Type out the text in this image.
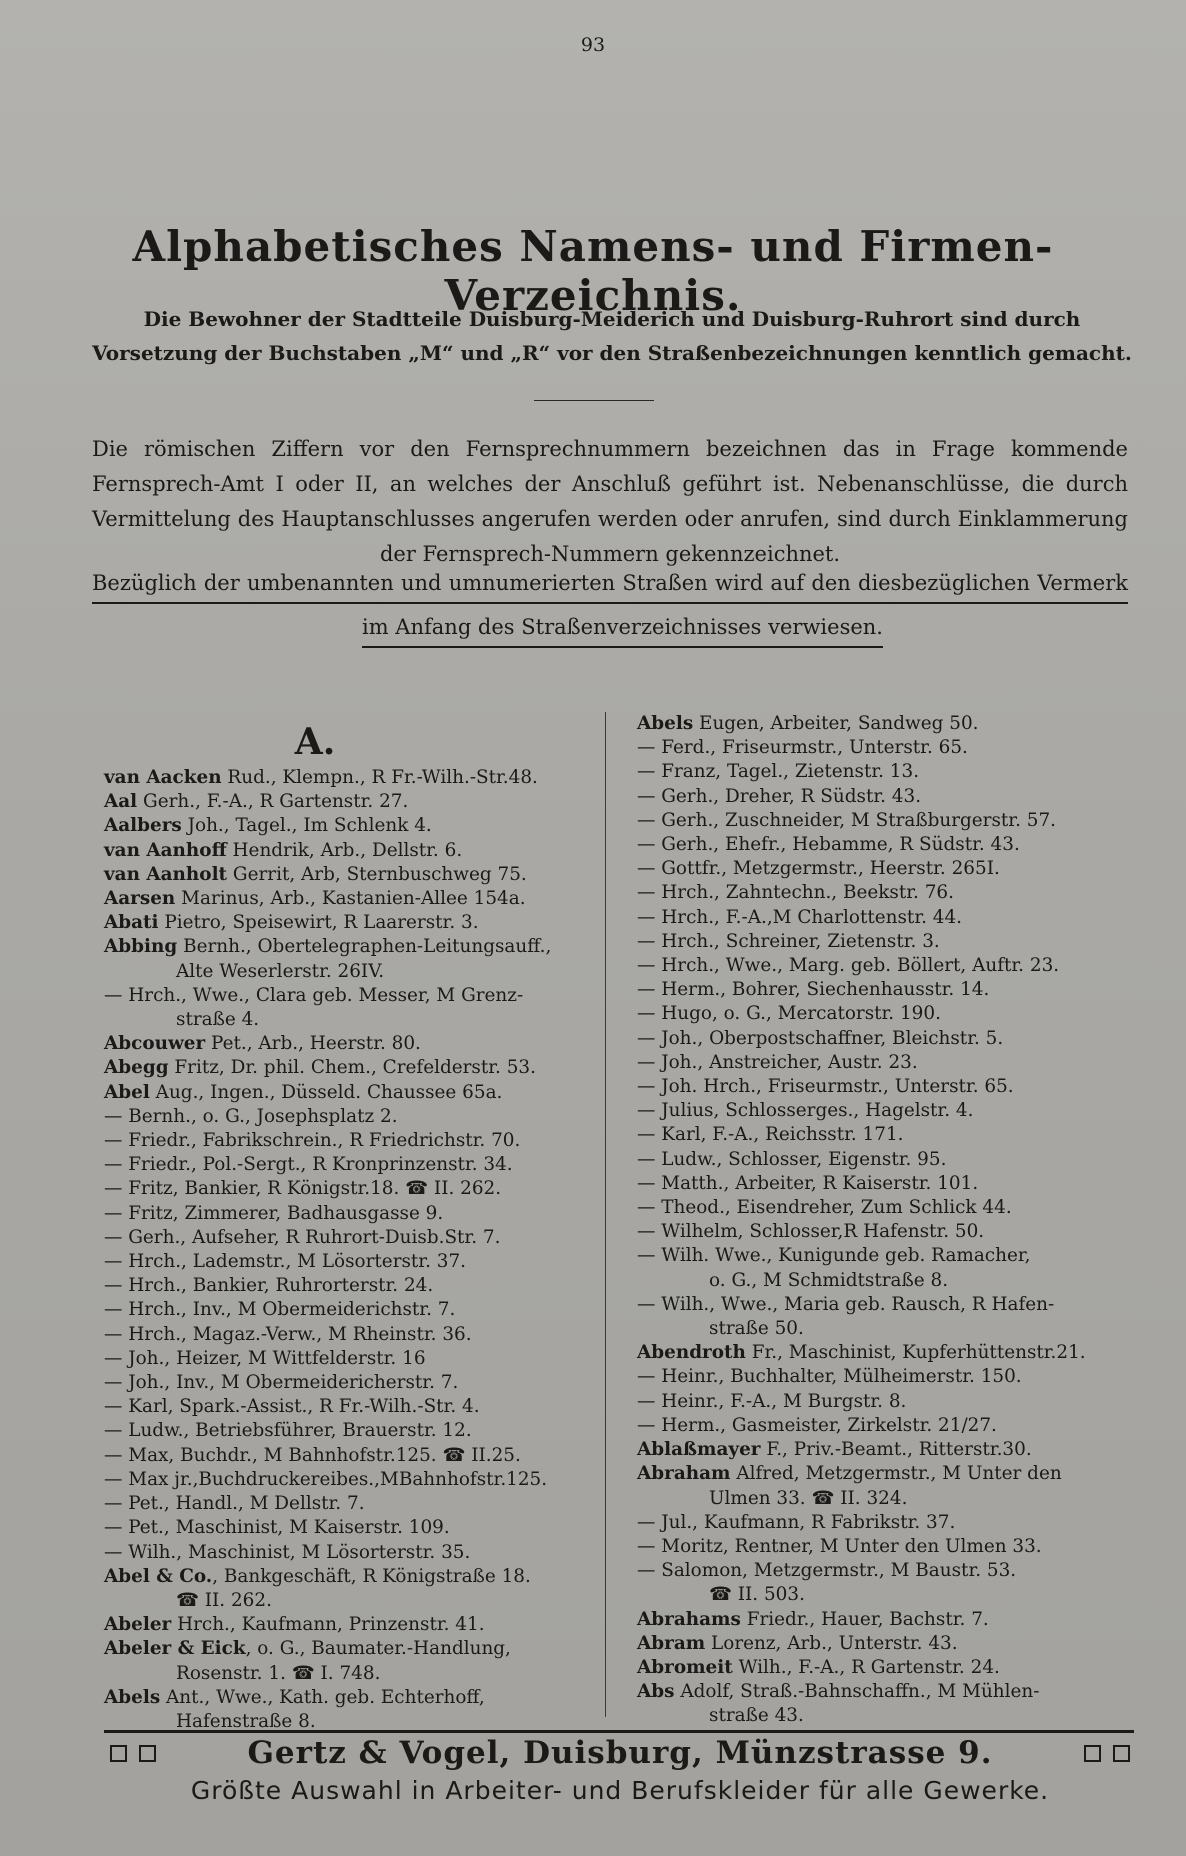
93
Alphabetisches Namens- und Firmen-Verzeichnis.
Die Bewohner der Stadtteile Duisburg-Meiderich und Duisburg-Ruhrort sind durch Vorsetzung der Buchstaben „M“ und „R“ vor den Straßenbezeichnungen kenntlich gemacht.
Die römischen Ziffern vor den Fernsprechnummern bezeichnen das in Frage kommende Fernsprech-Amt I oder II, an welches der Anschluß geführt ist. Nebenanschlüsse, die durch Vermittelung des Hauptanschlusses angerufen werden oder anrufen, sind durch Einklammerung der Fernsprech-Nummern gekennzeichnet.
Bezüglich der umbenannten und umnumerierten Straßen wird auf den diesbezüglichen Vermerk
im Anfang des Straßenverzeichnisses verwiesen.
A.
van Aacken Rud., Klempn., R Fr.-Wilh.-Str.48.
Aal Gerh., F.-A., R Gartenstr. 27.
Aalbers Joh., Tagel., Im Schlenk 4.
van Aanhoff Hendrik, Arb., Dellstr. 6.
van Aanholt Gerrit, Arb, Sternbuschweg 75.
Aarsen Marinus, Arb., Kastanien-Allee 154a.
Abati Pietro, Speisewirt, R Laarerstr. 3.
Abbing Bernh., Obertelegraphen-Leitungsauff.,
Alte Weserlerstr. 26IV.
— Hrch., Wwe., Clara geb. Messer, M Grenz-
straße 4.
Abcouwer Pet., Arb., Heerstr. 80.
Abegg Fritz, Dr. phil. Chem., Crefelderstr. 53.
Abel Aug., Ingen., Düsseld. Chaussee 65a.
— Bernh., o. G., Josephsplatz 2.
— Friedr., Fabrikschrein., R Friedrichstr. 70.
— Friedr., Pol.-Sergt., R Kronprinzenstr. 34.
— Fritz, Bankier, R Königstr.18. ☎ II. 262.
— Fritz, Zimmerer, Badhausgasse 9.
— Gerh., Aufseher, R Ruhrort-Duisb.Str. 7.
— Hrch., Lademstr., M Lösorterstr. 37.
— Hrch., Bankier, Ruhrorterstr. 24.
— Hrch., Inv., M Obermeiderichstr. 7.
— Hrch., Magaz.-Verw., M Rheinstr. 36.
— Joh., Heizer, M Wittfelderstr. 16
— Joh., Inv., M Obermeidericherstr. 7.
— Karl, Spark.-Assist., R Fr.-Wilh.-Str. 4.
— Ludw., Betriebsführer, Brauerstr. 12.
— Max, Buchdr., M Bahnhofstr.125. ☎ II.25.
— Max jr.,Buchdruckereibes.,MBahnhofstr.125.
— Pet., Handl., M Dellstr. 7.
— Pet., Maschinist, M Kaiserstr. 109.
— Wilh., Maschinist, M Lösorterstr. 35.
Abel & Co., Bankgeschäft, R Königstraße 18.
☎ II. 262.
Abeler Hrch., Kaufmann, Prinzenstr. 41.
Abeler & Eick, o. G., Baumater.-Handlung,
Rosenstr. 1. ☎ I. 748.
Abels Ant., Wwe., Kath. geb. Echterhoff,
Hafenstraße 8.
Abels Eugen, Arbeiter, Sandweg 50.
— Ferd., Friseurmstr., Unterstr. 65.
— Franz, Tagel., Zietenstr. 13.
— Gerh., Dreher, R Südstr. 43.
— Gerh., Zuschneider, M Straßburgerstr. 57.
— Gerh., Ehefr., Hebamme, R Südstr. 43.
— Gottfr., Metzgermstr., Heerstr. 265I.
— Hrch., Zahntechn., Beekstr. 76.
— Hrch., F.-A.,M Charlottenstr. 44.
— Hrch., Schreiner, Zietenstr. 3.
— Hrch., Wwe., Marg. geb. Böllert, Auftr. 23.
— Herm., Bohrer, Siechenhausstr. 14.
— Hugo, o. G., Mercatorstr. 190.
— Joh., Oberpostschaffner, Bleichstr. 5.
— Joh., Anstreicher, Austr. 23.
— Joh. Hrch., Friseurmstr., Unterstr. 65.
— Julius, Schlosserges., Hagelstr. 4.
— Karl, F.-A., Reichsstr. 171.
— Ludw., Schlosser, Eigenstr. 95.
— Matth., Arbeiter, R Kaiserstr. 101.
— Theod., Eisendreher, Zum Schlick 44.
— Wilhelm, Schlosser,R Hafenstr. 50.
— Wilh. Wwe., Kunigunde geb. Ramacher,
o. G., M Schmidtstraße 8.
— Wilh., Wwe., Maria geb. Rausch, R Hafen-
straße 50.
Abendroth Fr., Maschinist, Kupferhüttenstr.21.
— Heinr., Buchhalter, Mülheimerstr. 150.
— Heinr., F.-A., M Burgstr. 8.
— Herm., Gasmeister, Zirkelstr. 21/27.
Ablaßmayer F., Priv.-Beamt., Ritterstr.30.
Abraham Alfred, Metzgermstr., M Unter den
Ulmen 33. ☎ II. 324.
— Jul., Kaufmann, R Fabrikstr. 37.
— Moritz, Rentner, M Unter den Ulmen 33.
— Salomon, Metzgermstr., M Baustr. 53.
☎ II. 503.
Abrahams Friedr., Hauer, Bachstr. 7.
Abram Lorenz, Arb., Unterstr. 43.
Abromeit Wilh., F.-A., R Gartenstr. 24.
Abs Adolf, Straß.-Bahnschaffn., M Mühlen-
straße 43.
Gertz & Vogel, Duisburg, Münzstrasse 9.
Größte Auswahl in Arbeiter- und Berufskleider für alle Gewerke.
